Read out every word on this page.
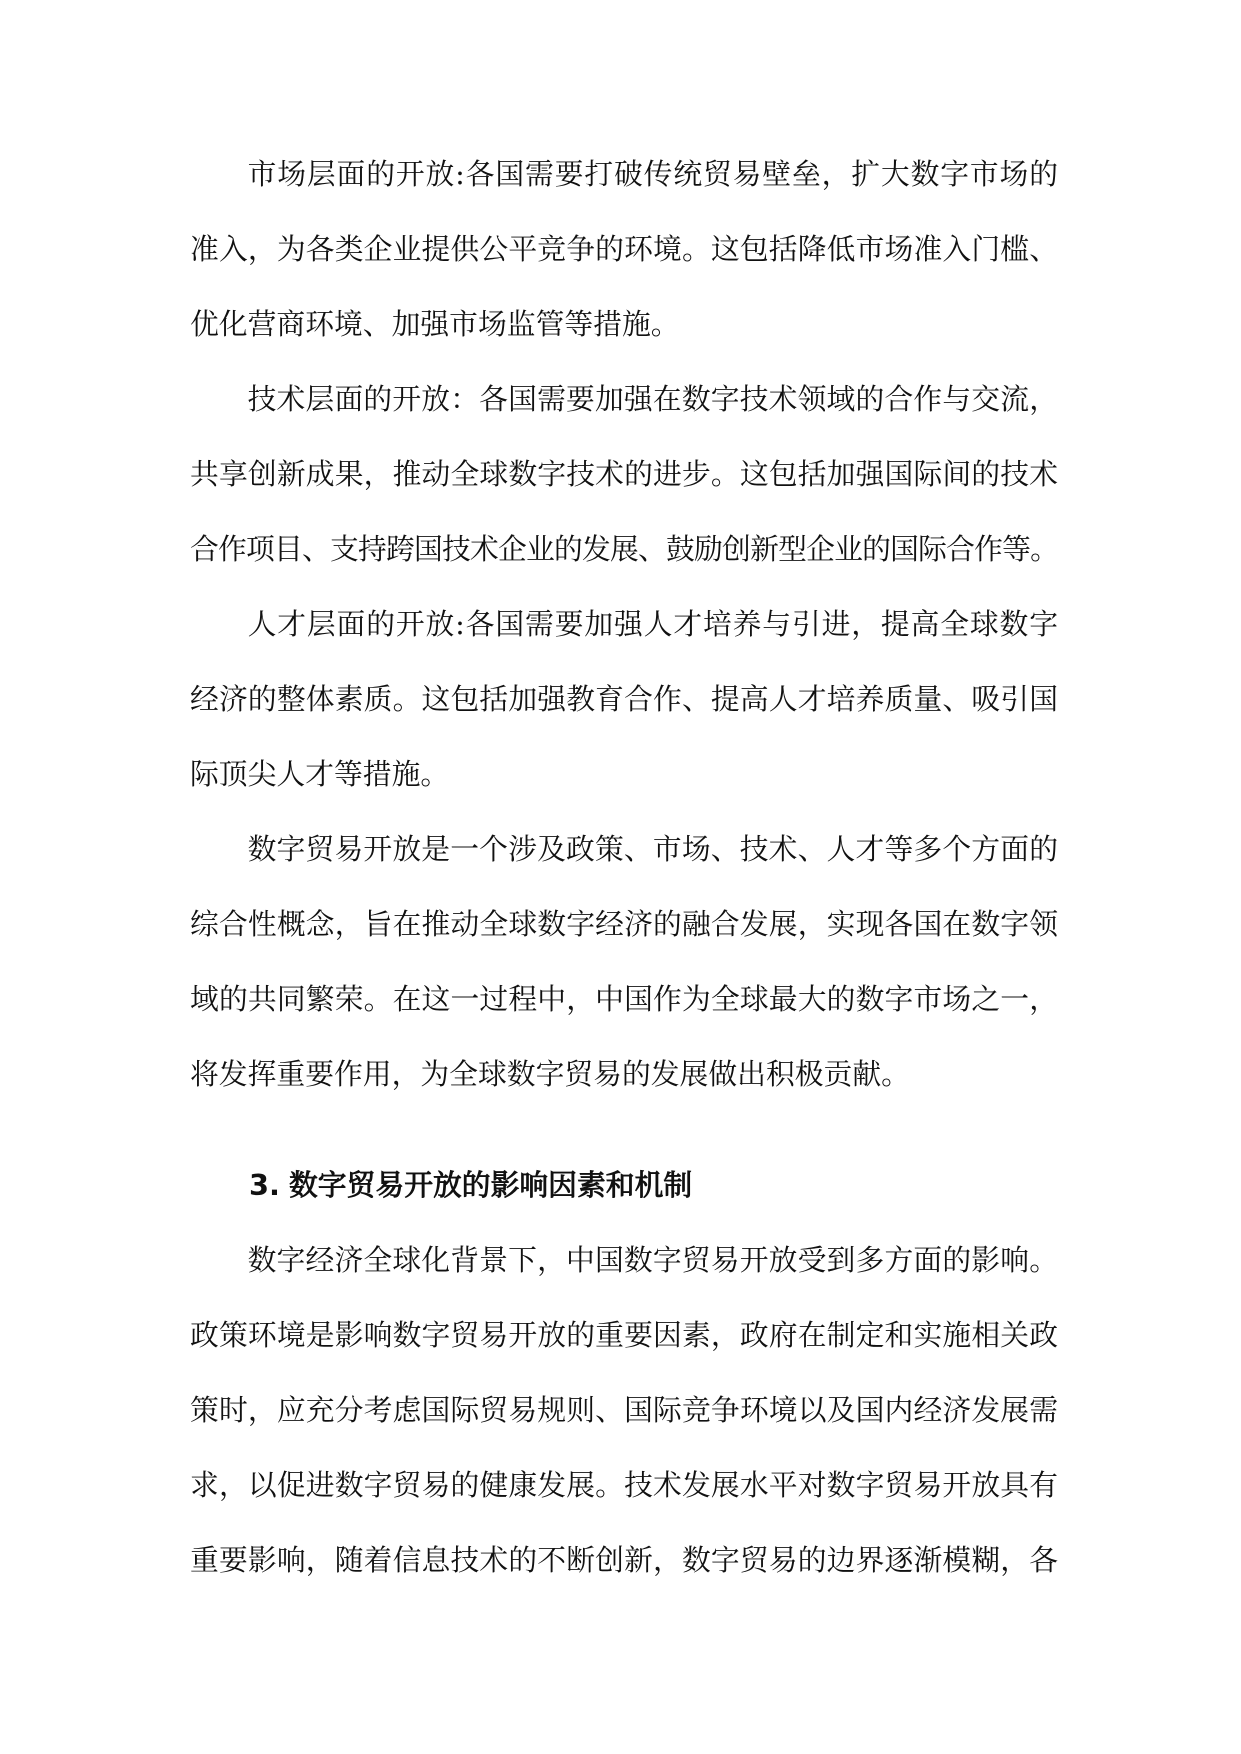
市场层面的开放:各国需要打破传统贸易壁垒，扩大数字市场的
准入，为各类企业提供公平竞争的环境。这包括降低市场准入门槛、
优化营商环境、加强市场监管等措施。
技术层面的开放：各国需要加强在数字技术领域的合作与交流，
共享创新成果，推动全球数字技术的进步。这包括加强国际间的技术
合作项目、支持跨国技术企业的发展、鼓励创新型企业的国际合作等。
人才层面的开放:各国需要加强人才培养与引进，提高全球数字
经济的整体素质。这包括加强教育合作、提高人才培养质量、吸引国
际顶尖人才等措施。
数字贸易开放是一个涉及政策、市场、技术、人才等多个方面的
综合性概念，旨在推动全球数字经济的融合发展，实现各国在数字领
域的共同繁荣。在这一过程中，中国作为全球最大的数字市场之一，
将发挥重要作用，为全球数字贸易的发展做出积极贡献。
3. 数字贸易开放的影响因素和机制
数字经济全球化背景下，中国数字贸易开放受到多方面的影响。
政策环境是影响数字贸易开放的重要因素，政府在制定和实施相关政
策时，应充分考虑国际贸易规则、国际竞争环境以及国内经济发展需
求，以促进数字贸易的健康发展。技术发展水平对数字贸易开放具有
重要影响，随着信息技术的不断创新，数字贸易的边界逐渐模糊，各
